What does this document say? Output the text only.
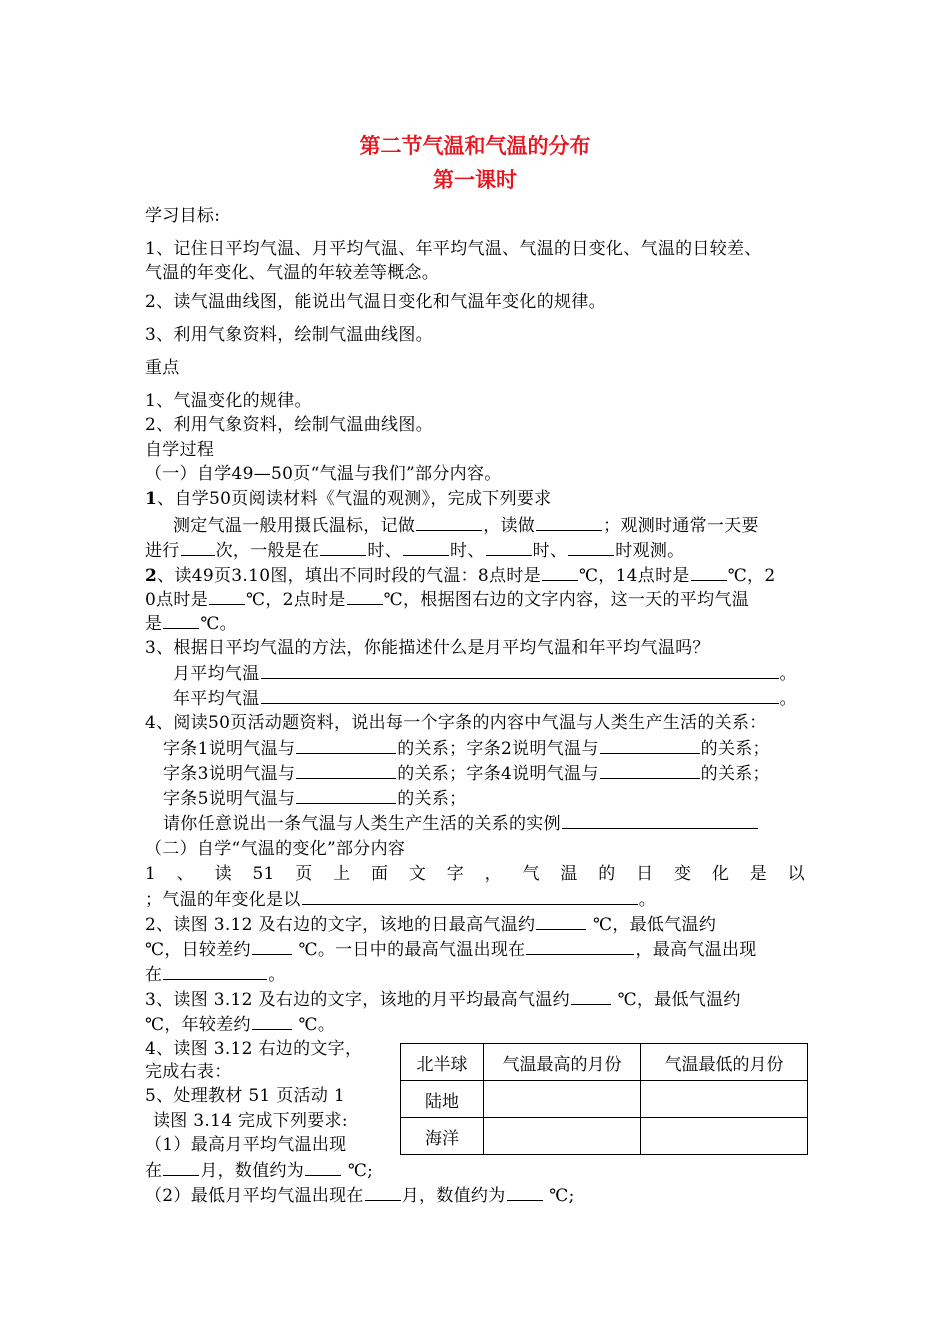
第二节气温和气温的分布
第一课时
学习目标:
1、记住日平均气温、月平均气温、年平均气温、气温的日变化、气温的日较差、
气温的年变化、气温的年较差等概念。
2、读气温曲线图，能说出气温日变化和气温年变化的规律。
3、利用气象资料，绘制气温曲线图。
重点
1、气温变化的规律。
2、利用气象资料，绘制气温曲线图。
自学过程
（一）自学49—50页“气温与我们”部分内容。
1、自学50页阅读材料《气温的观测》，完成下列要求
测定气温一般用摄氏温标，记做	，读做	；观测时通常一天要
进行 次，一般是在	时、	时、	时、	时观测。
2、读49页3.10图，填出不同时段的气温：8点时是 ℃，14点时是 ℃，2
0点时是 ℃，2点时是 ℃，根据图右边的文字内容，这一天的平均气温
是 ℃。
3、根据日平均气温的方法，你能描述什么是月平均气温和年平均气温吗？
月平均气温	。
年平均气温	。
4、阅读50页活动题资料，说出每一个字条的内容中气温与人类生产生活的关系：
字条1说明气温与	的关系；字条2说明气温与	的关系；
字条3说明气温与	的关系；字条4说明气温与	的关系；
字条5说明气温与	的关系；
请你任意说出一条气温与人类生产生活的关系的实例
（二）自学“气温的变化”部分内容
1 、 读 51 页 上 面 文 字 ， 气 温 的 日 变 化 是 以
；气温的年变化是以	。
2、读图 3.12 及右边的文字，该地的日最高气温约	℃，最低气温约
℃，日较差约	℃。一日中的最高气温出现在	，最高气温出现
在	。
3、读图 3.12 及右边的文字，该地的月平均最高气温约	℃，最低气温约
℃，年较差约	℃。
4、读图 3.12 右边的文字，
完成右表：
5、处理教材 51 页活动 1
读图 3.14 完成下列要求:
（1）最高月平均气温出现
在 月，数值约为	℃;
（2）最低月平均气温出现在 月，数值约为	℃;
北半球	气温最高的月份	气温最低的月份
陆地		
海洋		
